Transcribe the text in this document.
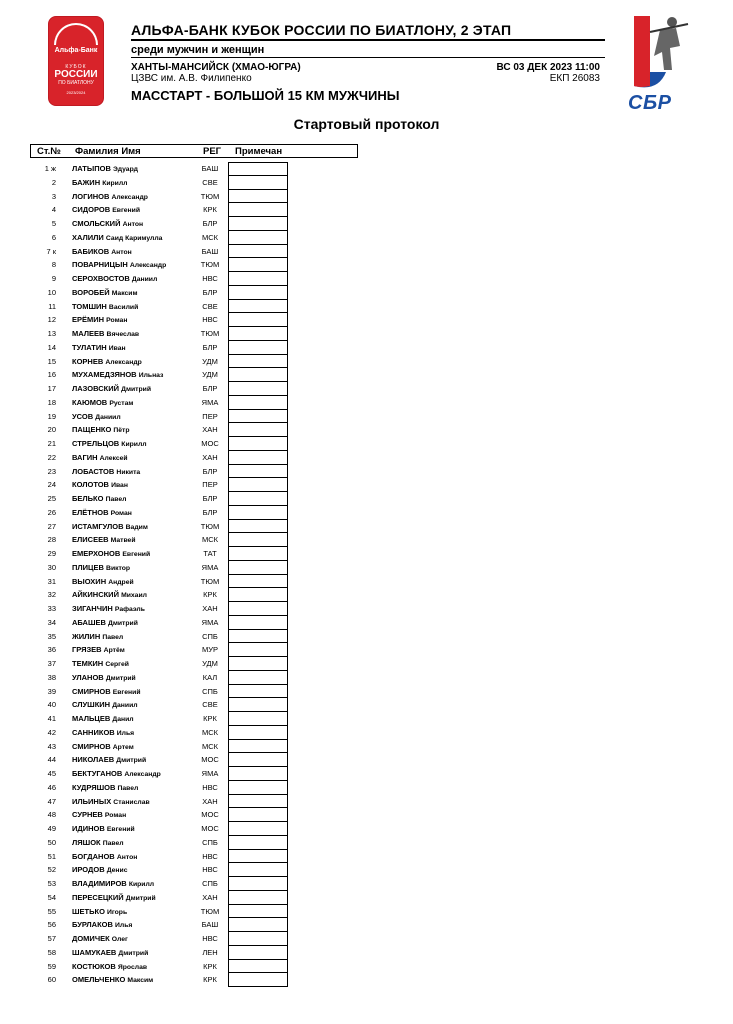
Альфа-Банк
КУБОК
РОССИИ
ПО БИАТЛОНУ
2023/2024
АЛЬФА-БАНК КУБОК РОССИИ ПО БИАТЛОНУ, 2 ЭТАП
среди мужчин и женщин
ХАНТЫ-МАНСИЙСК (ХМАО-ЮГРА)
ЦЗВС им. А.В. Филипенко
ВС 03 ДЕК 2023 11:00
ЕКП 26083
МАССТАРТ - БОЛЬШОЙ 15 КМ МУЖЧИНЫ	СБР
Стартовый протокол
Ст.№ Фамилия Имя	РЕГ Примечан
1 ж ЛАТЫПОВ Эдуард	БАШ
2 БАЖИН Кирилл	СВЕ
3 ЛОГИНОВ Александр	ТЮМ
4 СИДОРОВ Евгений	КРК
5 СМОЛЬСКИЙ Антон	БЛР
6 ХАЛИЛИ Саид Каримулла	МСК
7 к БАБИКОВ Антон	БАШ
8 ПОВАРНИЦЫН Александр	ТЮМ
9 СЕРОХВОСТОВ Даниил	НВС
10 ВОРОБЕЙ Максим	БЛР
11 ТОМШИН Василий	СВЕ
12 ЕРЁМИН Роман	НВС
13 МАЛЕЕВ Вячеслав	ТЮМ
14 ТУЛАТИН Иван	БЛР
15 КОРНЕВ Александр	УДМ
16 МУХАМЕДЗЯНОВ Ильназ	УДМ
17 ЛАЗОВСКИЙ Дмитрий	БЛР
18 КАЮМОВ Рустам	ЯМА
19 УСОВ Даниил	ПЕР
20 ПАЩЕНКО Пётр	ХАН
21 СТРЕЛЬЦОВ Кирилл	МОС
22 ВАГИН Алексей	ХАН
23 ЛОБАСТОВ Никита	БЛР
24 КОЛОТОВ Иван	ПЕР
25 БЕЛЬКО Павел	БЛР
26 ЕЛЁТНОВ Роман	БЛР
27 ИСТАМГУЛОВ Вадим	ТЮМ
28 ЕЛИСЕЕВ Матвей	МСК
29 ЕМЕРХОНОВ Евгений	ТАТ
30 ПЛИЦЕВ Виктор	ЯМА
31 ВЫОХИН Андрей	ТЮМ
32 АЙКИНСКИЙ Михаил	КРК
33 ЗИГАНЧИН Рафаэль	ХАН
34 АБАШЕВ Дмитрий	ЯМА
35 ЖИЛИН Павел	СПБ
36 ГРЯЗЕВ Артём	МУР
37 ТЕМКИН Сергей	УДМ
38 УЛАНОВ Дмитрий	КАЛ
39 СМИРНОВ Евгений	СПБ
40 СЛУШКИН Даниил	СВЕ
41 МАЛЬЦЕВ Данил	КРК
42 САННИКОВ Илья	МСК
43 СМИРНОВ Артем	МСК
44 НИКОЛАЕВ Дмитрий	МОС
45 БЕКТУГАНОВ Александр	ЯМА
46 КУДРЯШОВ Павел	НВС
47 ИЛЬИНЫХ Станислав	ХАН
48 СУРНЕВ Роман	МОС
49 ИДИНОВ Евгений	МОС
50 ЛЯШОК Павел	СПБ
51 БОГДАНОВ Антон	НВС
52 ИРОДОВ Денис	НВС
53 ВЛАДИМИРОВ Кирилл	СПБ
54 ПЕРЕСЕЦКИЙ Дмитрий	ХАН
55 ШЕТЬКО Игорь	ТЮМ
56 БУРЛАКОВ Илья	БАШ
57 ДОМИЧЕК Олег	НВС
58 ШАМУКАЕВ Дмитрий	ЛЕН
59 КОСТЮКОВ Ярослав	КРК
60 ОМЕЛЬЧЕНКО Максим	КРК
